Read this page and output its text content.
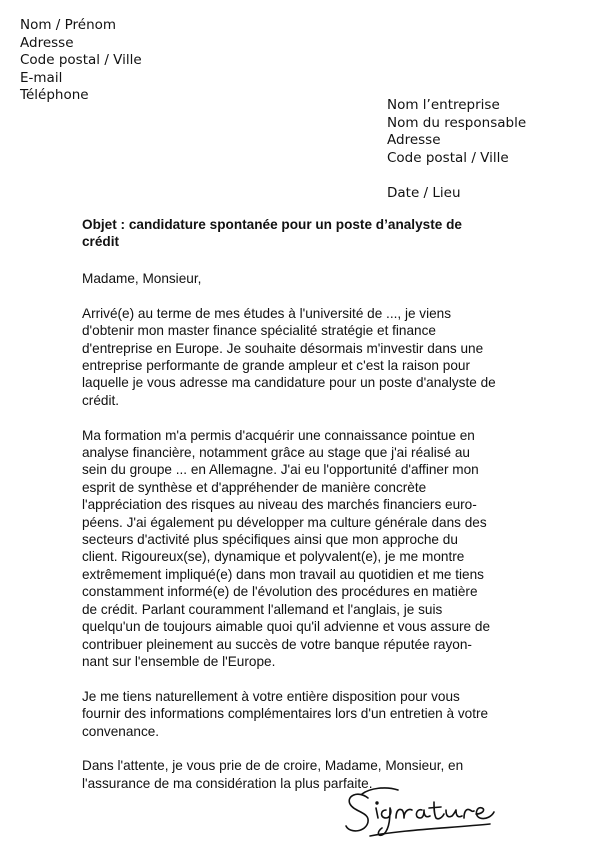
Nom / Prénom
Adresse
Code postal / Ville
E-mail
Téléphone
Nom l’entreprise
Nom du responsable
Adresse
Code postal / Ville
Date / Lieu
Objet : candidature spontanée pour un poste d’analyste de
crédit
Madame, Monsieur,
Arrivé(e) au terme de mes études à l'université de ..., je viens
d'obtenir mon master finance spécialité stratégie et finance
d'entreprise en Europe. Je souhaite désormais m'investir dans une
entreprise performante de grande ampleur et c'est la raison pour
laquelle je vous adresse ma candidature pour un poste d'analyste de
crédit.
Ma formation m'a permis d'acquérir une connaissance pointue en
analyse financière, notamment grâce au stage que j'ai réalisé au
sein du groupe ... en Allemagne. J'ai eu l'opportunité d'affiner mon
esprit de synthèse et d'appréhender de manière concrète
l'appréciation des risques au niveau des marchés financiers euro-
péens. J'ai également pu développer ma culture générale dans des
secteurs d'activité plus spécifiques ainsi que mon approche du
client. Rigoureux(se), dynamique et polyvalent(e), je me montre
extrêmement impliqué(e) dans mon travail au quotidien et me tiens
constamment informé(e) de l'évolution des procédures en matière
de crédit. Parlant couramment l'allemand et l'anglais, je suis
quelqu'un de toujours aimable quoi qu'il advienne et vous assure de
contribuer pleinement au succès de votre banque réputée rayon-
nant sur l'ensemble de l'Europe.
Je me tiens naturellement à votre entière disposition pour vous
fournir des informations complémentaires lors d'un entretien à votre
convenance.
Dans l'attente, je vous prie de de croire, Madame, Monsieur, en
l'assurance de ma considération la plus parfaite.
